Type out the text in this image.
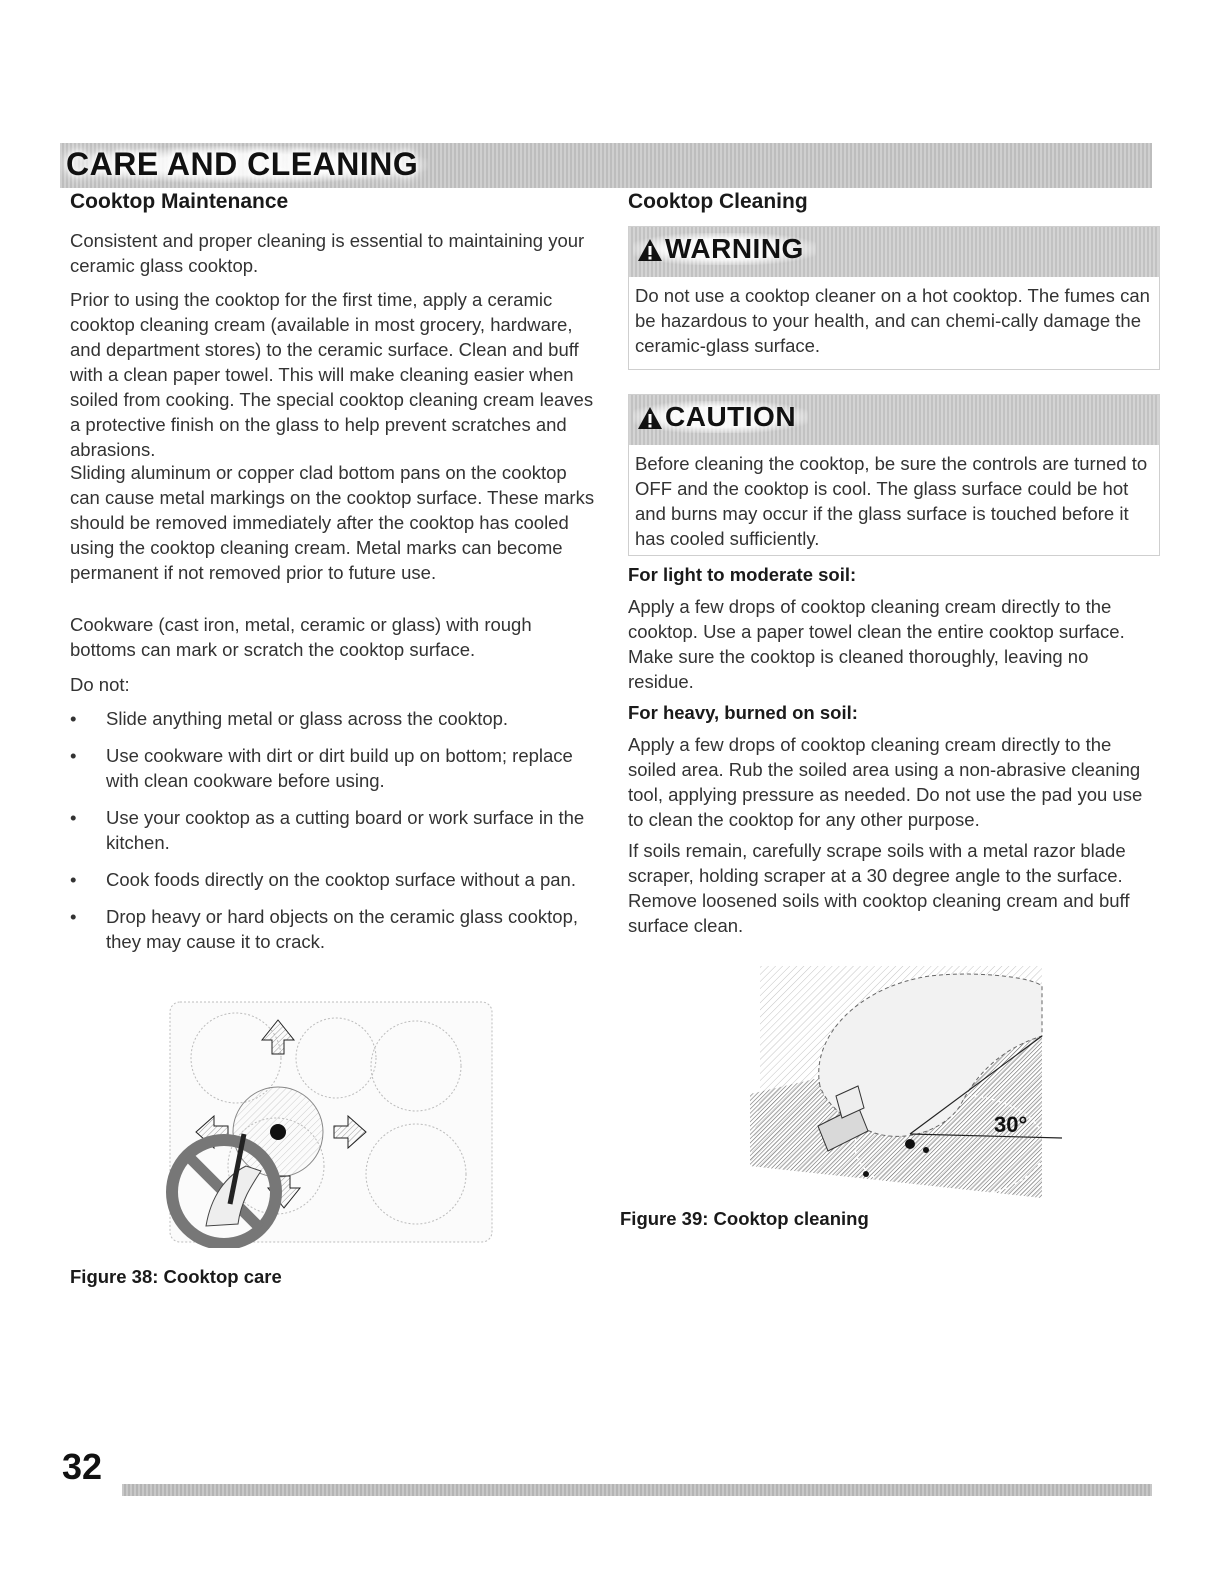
CARE AND CLEANING
Cooktop Maintenance
Consistent and proper cleaning is essential to maintaining your ceramic glass cooktop.
Prior to using the cooktop for the first time, apply a ceramic cooktop cleaning cream (available in most grocery, hardware, and department stores) to the ceramic surface. Clean and buff with a clean paper towel. This will make cleaning easier when soiled from cooking. The special cooktop cleaning cream leaves a protective finish on the glass to help prevent scratches and abrasions.
Sliding aluminum or copper clad bottom pans on the cooktop can cause metal markings on the cooktop surface. These marks should be removed immediately after the cooktop has cooled using the cooktop cleaning cream. Metal marks can become permanent if not removed prior to future use.
Cookware (cast iron, metal, ceramic or glass) with rough bottoms can mark or scratch the cooktop surface.
Do not:
• Slide anything metal or glass across the cooktop.
• Use cookware with dirt or dirt build up on bottom; replace with clean cookware before using.
• Use your cooktop as a cutting board or work surface in the kitchen.
• Cook foods directly on the cooktop surface without a pan.
• Drop heavy or hard objects on the ceramic glass cooktop, they may cause it to crack.
Figure 38: Cooktop care
Cooktop Cleaning
WARNING
Do not use a cooktop cleaner on a hot cooktop. The fumes can be hazardous to your health, and can chemi-cally damage the ceramic-glass surface.
CAUTION
Before cleaning the cooktop, be sure the controls are turned to OFF and the cooktop is cool. The glass surface could be hot and burns may occur if the glass surface is touched before it has cooled sufficiently.
For light to moderate soil:
Apply a few drops of cooktop cleaning cream directly to the cooktop. Use a paper towel clean the entire cooktop surface. Make sure the cooktop is cleaned thoroughly, leaving no residue.
For heavy, burned on soil:
Apply a few drops of cooktop cleaning cream directly to the soiled area. Rub the soiled area using a non-abrasive cleaning tool, applying pressure as needed. Do not use the pad you use to clean the cooktop for any other purpose.
If soils remain, carefully scrape soils with a metal razor blade scraper, holding scraper at a 30 degree angle to the surface. Remove loosened soils with cooktop cleaning cream and buff surface clean.
30°
Figure 39: Cooktop cleaning
32
